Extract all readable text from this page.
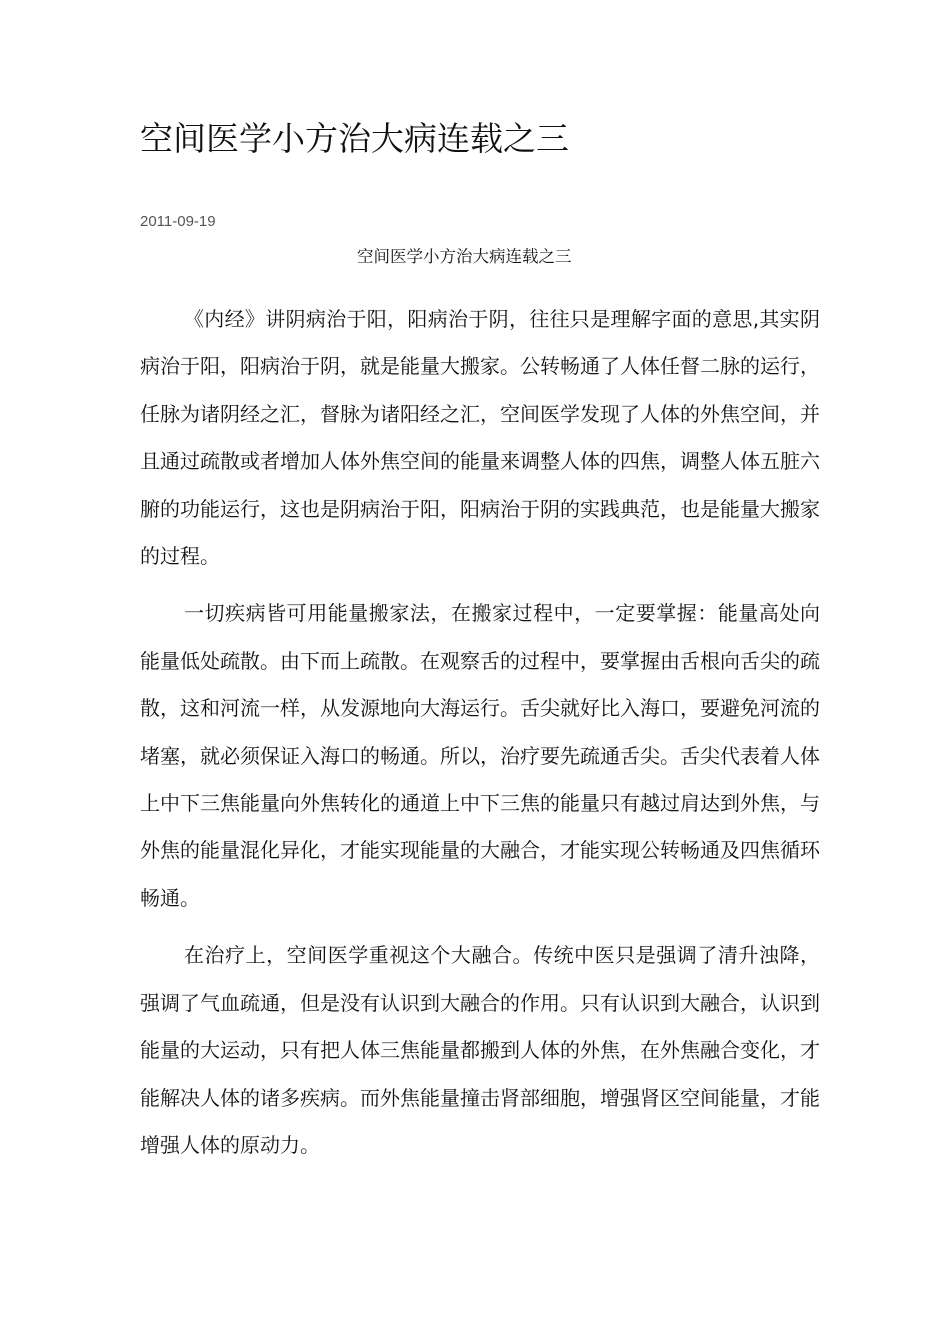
空间医学小方治大病连载之三
2011-09-19
空间医学小方治大病连载之三

《内经》讲阴病治于阳，阳病治于阴，往往只是理解字面的意思,其实阴病治于阳，阳病治于阴，就是能量大搬家。公转畅通了人体任督二脉的运行，任脉为诸阴经之汇，督脉为诸阳经之汇，空间医学发现了人体的外焦空间，并且通过疏散或者增加人体外焦空间的能量来调整人体的四焦，调整人体五脏六腑的功能运行，这也是阴病治于阳，阳病治于阴的实践典范，也是能量大搬家的过程。

一切疾病皆可用能量搬家法，在搬家过程中，一定要掌握：能量高处向能量低处疏散。由下而上疏散。在观察舌的过程中，要掌握由舌根向舌尖的疏散，这和河流一样，从发源地向大海运行。舌尖就好比入海口，要避免河流的堵塞，就必须保证入海口的畅通。所以，治疗要先疏通舌尖。舌尖代表着人体上中下三焦能量向外焦转化的通道上中下三焦的能量只有越过肩达到外焦，与外焦的能量混化异化，才能实现能量的大融合，才能实现公转畅通及四焦循环畅通。

在治疗上，空间医学重视这个大融合。传统中医只是强调了清升浊降，强调了气血疏通，但是没有认识到大融合的作用。只有认识到大融合，认识到能量的大运动，只有把人体三焦能量都搬到人体的外焦，在外焦融合变化，才能解决人体的诸多疾病。而外焦能量撞击肾部细胞，增强肾区空间能量，才能增强人体的原动力。
